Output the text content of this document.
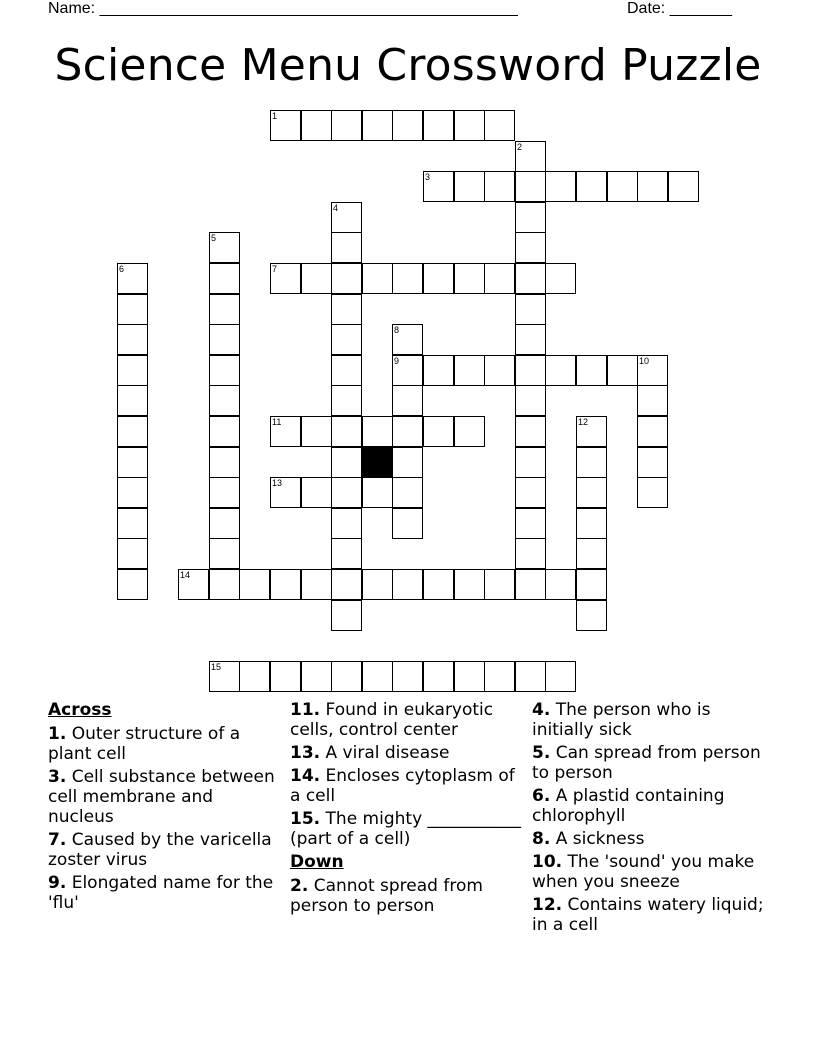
Name: _______________________________________________	Date: _______
Science Menu Crossword Puzzle
1
2
3
4
5
6	7
8
9	10
11	12
13
14
15
Across
1. Outer structure of a plant cell
3. Cell substance between cell membrane and nucleus
7. Caused by the varicella zoster virus
9. Elongated name for the 'flu'
11. Found in eukaryotic cells, control center
13. A viral disease
14. Encloses cytoplasm of a cell
15. The mighty ___________ (part of a cell)
Down
2. Cannot spread from person to person
4. The person who is initially sick
5. Can spread from person to person
6. A plastid containing chlorophyll
8. A sickness
10. The 'sound' you make when you sneeze
12. Contains watery liquid; in a cell
